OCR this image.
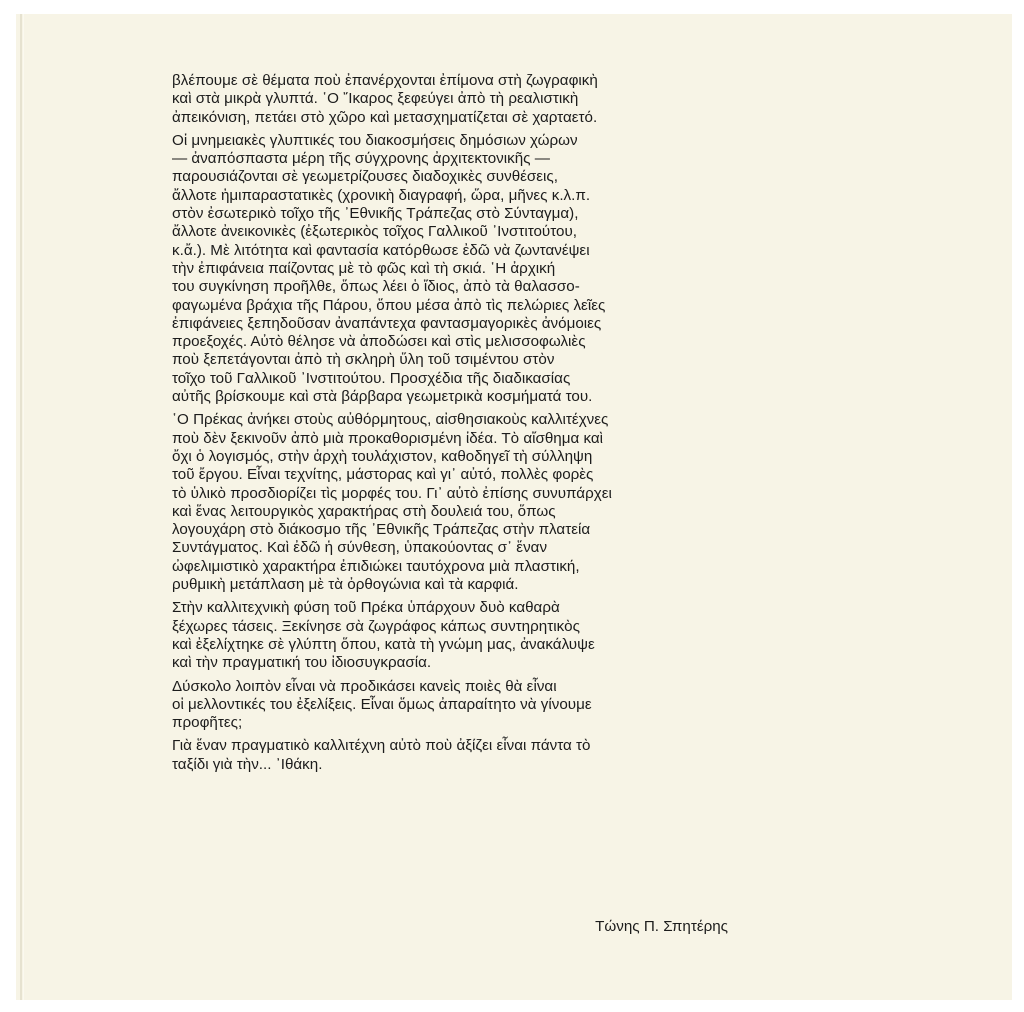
βλέπουμε σὲ θέματα ποὺ ἐπανέρχονται ἐπίμονα στὴ ζωγραφικὴ
καὶ στὰ μικρὰ γλυπτά. ῾Ο ῎Ικαρος ξεφεύγει ἀπὸ τὴ ρεαλιστικὴ
ἀπεικόνιση, πετάει στὸ χῶρο καὶ μετασχηματίζεται σὲ χαρταετό.
Οἱ μνημειακὲς γλυπτικές του διακοσμήσεις δημόσιων χώρων
— ἀναπόσπαστα μέρη τῆς σύγχρονης ἀρχιτεκτονικῆς —
παρουσιάζονται σὲ γεωμετρίζουσες διαδοχικὲς συνθέσεις,
ἄλλοτε ἡμιπαραστατικὲς (χρονικὴ διαγραφή, ὥρα, μῆνες κ.λ.π.
στὸν ἐσωτερικὸ τοῖχο τῆς ᾿Εθνικῆς Τράπεζας στὸ Σύνταγμα),
ἄλλοτε ἀνεικονικὲς (ἐξωτερικὸς τοῖχος Γαλλικοῦ ᾿Ινστιτούτου,
κ.ἄ.). Μὲ λιτότητα καὶ φαντασία κατόρθωσε ἐδῶ νὰ ζωντανέψει
τὴν ἐπιφάνεια παίζοντας μὲ τὸ φῶς καὶ τὴ σκιά. ῾Η ἀρχική
του συγκίνηση προῆλθε, ὅπως λέει ὁ ἴδιος, ἀπὸ τὰ θαλασσο-
φαγωμένα βράχια τῆς Πάρου, ὅπου μέσα ἀπὸ τὶς πελώριες λεῖες
ἐπιφάνειες ξεπηδοῦσαν ἀναπάντεχα φαντασμαγορικὲς ἀνόμοιες
προεξοχές. Αὐτὸ θέλησε νὰ ἀποδώσει καὶ στὶς μελισσοφωλιὲς
ποὺ ξεπετάγονται ἀπὸ τὴ σκληρὴ ὕλη τοῦ τσιμέντου στὸν
τοῖχο τοῦ Γαλλικοῦ ᾿Ινστιτούτου. Προσχέδια τῆς διαδικασίας
αὐτῆς βρίσκουμε καὶ στὰ βάρβαρα γεωμετρικὰ κοσμήματά του.
῾Ο Πρέκας ἀνήκει στοὺς αὐθόρμητους, αἰσθησιακοὺς καλλιτέχνες
ποὺ δὲν ξεκινοῦν ἀπὸ μιὰ προκαθορισμένη ἰδέα. Τὸ αἴσθημα καὶ
ὄχι ὁ λογισμός, στὴν ἀρχὴ τουλάχιστον, καθοδηγεῖ τὴ σύλληψη
τοῦ ἔργου. Εἶναι τεχνίτης, μάστορας καὶ γι᾿ αὐτό, πολλὲς φορὲς
τὸ ὑλικὸ προσδιορίζει τὶς μορφές του. Γι᾿ αὐτὸ ἐπίσης συνυπάρχει
καὶ ἕνας λειτουργικὸς χαρακτήρας στὴ δουλειά του, ὅπως
λογουχάρη στὸ διάκοσμο τῆς ᾿Εθνικῆς Τράπεζας στὴν πλατεία
Συντάγματος. Καὶ ἐδῶ ἡ σύνθεση, ὑπακούοντας σ᾿ ἕναν
ὠφελιμιστικὸ χαρακτήρα ἐπιδιώκει ταυτόχρονα μιὰ πλαστική,
ρυθμικὴ μετάπλαση μὲ τὰ ὀρθογώνια καὶ τὰ καρφιά.
Στὴν καλλιτεχνικὴ φύση τοῦ Πρέκα ὑπάρχουν δυὸ καθαρὰ
ξέχωρες τάσεις. Ξεκίνησε σὰ ζωγράφος κάπως συντηρητικὸς
καὶ ἐξελίχτηκε σὲ γλύπτη ὅπου, κατὰ τὴ γνώμη μας, ἀνακάλυψε
καὶ τὴν πραγματική του ἰδιοσυγκρασία.
Δύσκολο λοιπὸν εἶναι νὰ προδικάσει κανεὶς ποιὲς θὰ εἶναι
οἱ μελλοντικές του ἐξελίξεις. Εἶναι ὅμως ἀπαραίτητο νὰ γίνουμε
προφῆτες;
Γιὰ ἕναν πραγματικὸ καλλιτέχνη αὐτὸ ποὺ ἀξίζει εἶναι πάντα τὸ
ταξίδι γιὰ τὴν... ᾿Ιθάκη.
Τώνης Π. Σπητέρης
